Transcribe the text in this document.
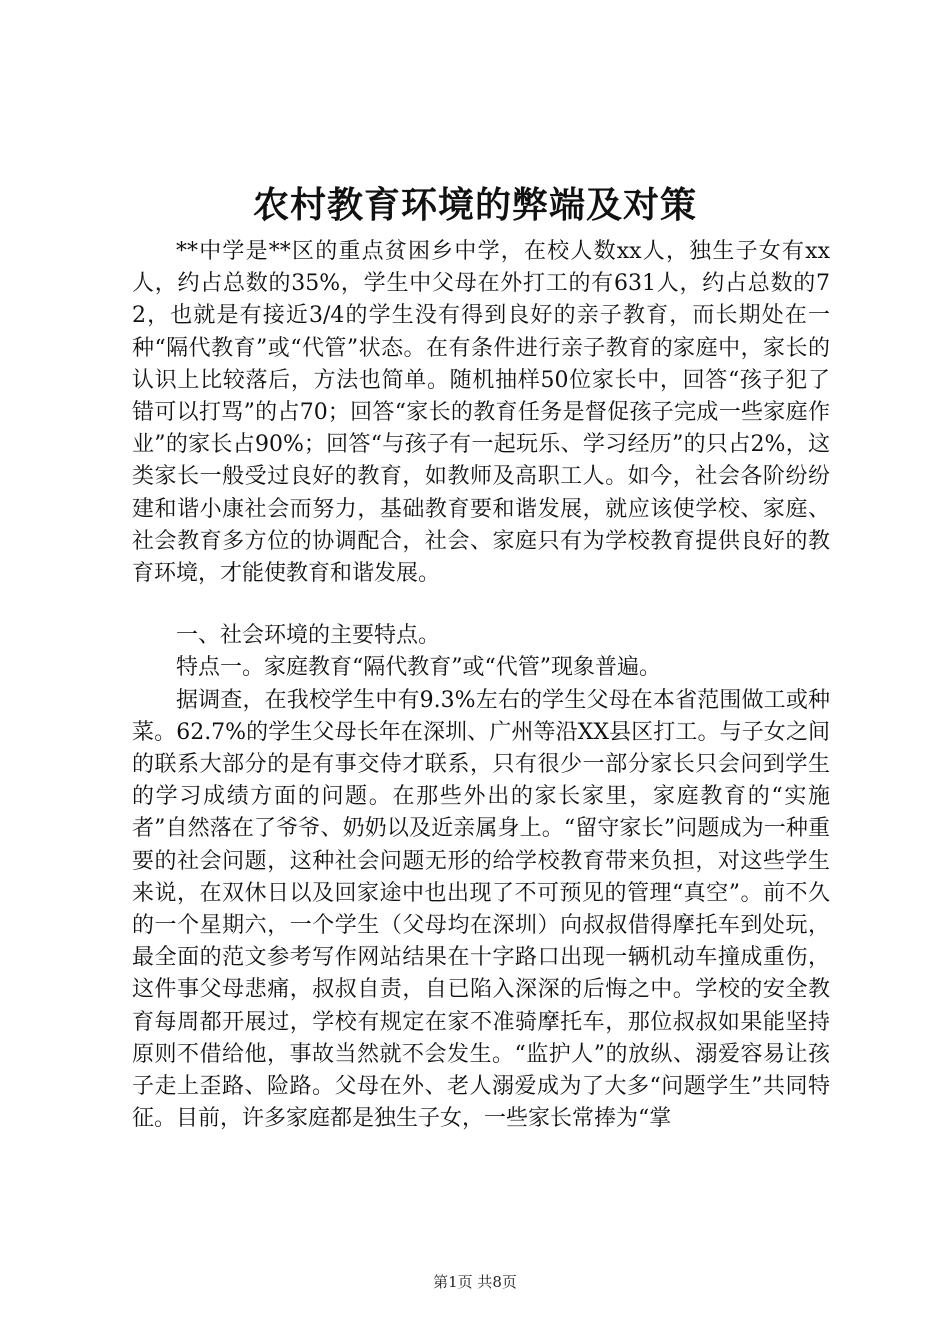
农村教育环境的弊端及对策

**中学是**区的重点贫困乡中学，在校人数xx人，独生子女有xx人，约占总数的35%，学生中父母在外打工的有631人，约占总数的72，也就是有接近3/4的学生没有得到良好的亲子教育，而长期处在一种“隔代教育”或“代管”状态。在有条件进行亲子教育的家庭中，家长的认识上比较落后，方法也简单。随机抽样50位家长中，回答“孩子犯了错可以打骂”的占70；回答“家长的教育任务是督促孩子完成一些家庭作业”的家长占90%；回答“与孩子有一起玩乐、学习经历”的只占2%，这类家长一般受过良好的教育，如教师及高职工人。如今，社会各阶纷纷建和谐小康社会而努力，基础教育要和谐发展，就应该使学校、家庭、社会教育多方位的协调配合，社会、家庭只有为学校教育提供良好的教育环境，才能使教育和谐发展。

一、社会环境的主要特点。

特点一。家庭教育“隔代教育”或“代管”现象普遍。

据调查，在我校学生中有9.3%左右的学生父母在本省范围做工或种菜。62.7%的学生父母长年在深圳、广州等沿XX县区打工。与子女之间的联系大部分的是有事交侍才联系，只有很少一部分家长只会问到学生的学习成绩方面的问题。在那些外出的家长家里，家庭教育的“实施者”自然落在了爷爷、奶奶以及近亲属身上。“留守家长”问题成为一种重要的社会问题，这种社会问题无形的给学校教育带来负担，对这些学生来说，在双休日以及回家途中也出现了不可预见的管理“真空”。前不久的一个星期六，一个学生（父母均在深圳）向叔叔借得摩托车到处玩，最全面的范文参考写作网站结果在十字路口出现一辆机动车撞成重伤，这件事父母悲痛，叔叔自责，自已陷入深深的后悔之中。学校的安全教育每周都开展过，学校有规定在家不准骑摩托车，那位叔叔如果能坚持原则不借给他，事故当然就不会发生。“监护人”的放纵、溺爱容易让孩子走上歪路、险路。父母在外、老人溺爱成为了大多“问题学生”共同特征。目前，许多家庭都是独生子女，一些家长常捧为“掌

第1页 共8页
